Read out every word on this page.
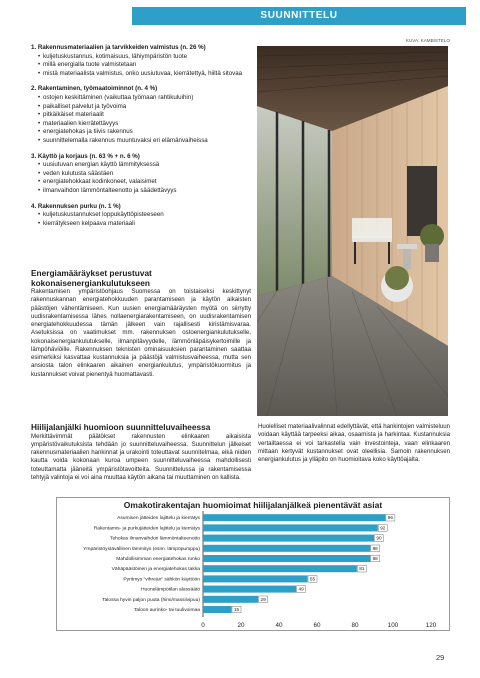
SUUNNITTELU
1. Rakennusmateriaalien ja tarvikkeiden valmistus (n. 26 %)
• kuljetuskustannus, kotimaisuus, lähiympäristön tuote
• millä energialla tuote valmistetaan
• mistä materiaalista valmistus, onko uusiutuvaa, kierrätettyä, hiiltä sitovaa
2. Rakentaminen, työmaatoiminnot (n. 4 %)
• ostojen keskittäminen (vaikuttaa työmaan rahtikuluihin)
• paikalliset palvelut ja työvoima
• pitkäikäiset materiaalit
• materiaalien kierrätettävyys
• energiatehokas ja tiivis rakennus
• suunnittelemalla rakennus muuntuvaksi eri elämänvaiheissa
3. Käyttö ja korjaus (n. 63 % + n. 6 %)
• uusiutuvan energian käyttö lämmityksessä
• veden kulutusta säästäen
• energiatehokkaat kodinkoneet, valaisimet
• ilmanvaihdon lämmöntalteenotto ja säädettävyys
4. Rakennuksen purku (n. 1 %)
• kuljetuskustannukset loppukäyttöpisteeseen
• kierrätykseen kelpaava materiaali
KUVA: KAMBISTELO
Energiamääräykset perustuvat kokonaisenergiankulutukseen
Rakentamisen ympäristöohjaus Suomessa on toistaiseksi keskittynyt rakennuskannan energiatehokkuuden parantamiseen ja käytön aikaisten päästöjen vähentämiseen. Kun uusien energiamääräysten myötä on siirrytty uudisrakentamisessa lähes nollaenergiarakentamiseen, on uudisrakentamisen energiatehokkuudessa tämän jälkeen vain rajallisesti kiristämisvaraa. Asetuksissa on vaatimukset mm. rakennuksen ostoenergiankulutukselle, kokonaisenergiankulutukselle, ilmanpitävyydelle, lämmönläpäisykertoimille ja lämpöhäviöille. Rakennuksen teknisten ominaisuuksien parantaminen saattaa esimerkiksi kasvattaa kustannuksia ja päästöjä valmistusvaiheessa, mutta sen ansiosta talon elinkaaren aikainen energiankulutus, ympäristökuormitus ja kustannukset voivat pienentyä huomattavasti.
Hiilijalanjälki huomioon suunnitteluvaiheessa
Merkittävimmät päätökset rakennusten elinkaaren aikaisista ympäristövaikutuksista tehdään jo suunnitteluvaiheessa. Suunnittelun jälkeiset rakennusmateriaalien hankinnat ja urakointi toteuttavat suunnitelmaa, eikä niiden kautta voida kokonaan kuroa umpeen suunnitteluvaiheessa mahdollisesti toteuttamatta jääneitä ympäristötavoitteita. Suunnittelussa ja rakentamisessa tehtyjä valintoja ei voi aina muuttaa käytön aikana tai muuttaminen on kallista.
Huolelliset materiaalivalinnat edellyttävät, että hankintojen valmisteluun voidaan käyttää tarpeeksi aikaa, osaamista ja harkintaa. Kustannuksia vertailtaessa ei voi tarkastella vain investointeja, vaan elinkaaren mittaan kertyvät kustannukset ovat oleellisia. Samoin rakennuksen energiankulutus ja ylläpito on huomioitava koko käyttöajalta.
Omakotirakentajan huomioimat hiilijalanjälkeä pienentävät asiat
Asumisen jätteiden lajittelu ja kierrätys	96
Rakentamis- ja purkujätteiden lajittelu ja kierrätys	92
Tehokas ilmanvaihdon lämmöntalteenotto	90
Ympäristöystävällinen lämmitys (esim. lämpöpumppu)	88
Mahdollisimman energiatehokas runko	88
Vähäpäästöinen ja energiatehokas takka	81
Pyritmys "vihreän" sähkön käyttöön	55
Huonelämpötilan alassäätö	49
Talossa hyvin paljon puuta (hirsi/massiivipuu)	29
Taloon aurinko- tai tuulivoimaa	15
0	20	40	60	80	100	120
29
